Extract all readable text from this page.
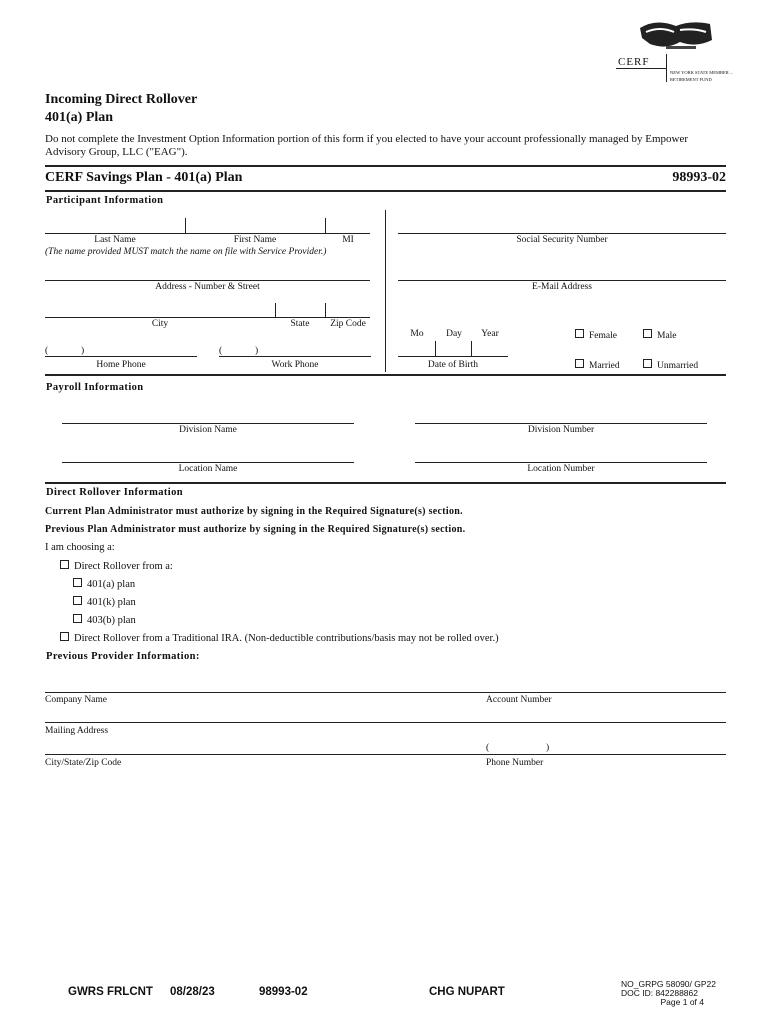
CERF
NEW YORK STATE MEMBER ...
RETIREMENT FUND
Incoming Direct Rollover
401(a) Plan
Do not complete the Investment Option Information portion of this form if you elected to have your account professionally managed by Empower Advisory Group, LLC ("EAG").
CERF Savings Plan - 401(a) Plan	98993-02
Participant Information
Last Name	First Name	MI
(The name provided MUST match the name on file with Service Provider.)
Social Security Number
Address - Number & Street	E-Mail Address
City	State	Zip Code
Mo	Day	Year
Date of Birth
Female	Male
Married	Unmarried
(	)
Home Phone
(	)
Work Phone
Payroll Information
Division Name	Division Number
Location Name	Location Number
Direct Rollover Information
Current Plan Administrator must authorize by signing in the Required Signature(s) section.
Previous Plan Administrator must authorize by signing in the Required Signature(s) section.
I am choosing a:
Direct Rollover from a:
401(a) plan
401(k) plan
403(b) plan
Direct Rollover from a Traditional IRA. (Non-deductible contributions/basis may not be rolled over.)
Previous Provider Information:
Company Name	Account Number
Mailing Address
(	)
City/State/Zip Code	Phone Number
GWRS FRLCNT 08/28/23	98993-02	CHG NUPART
NO_GRPG 58090/ GP22
DOC ID: 842288862
Page 1 of 4
